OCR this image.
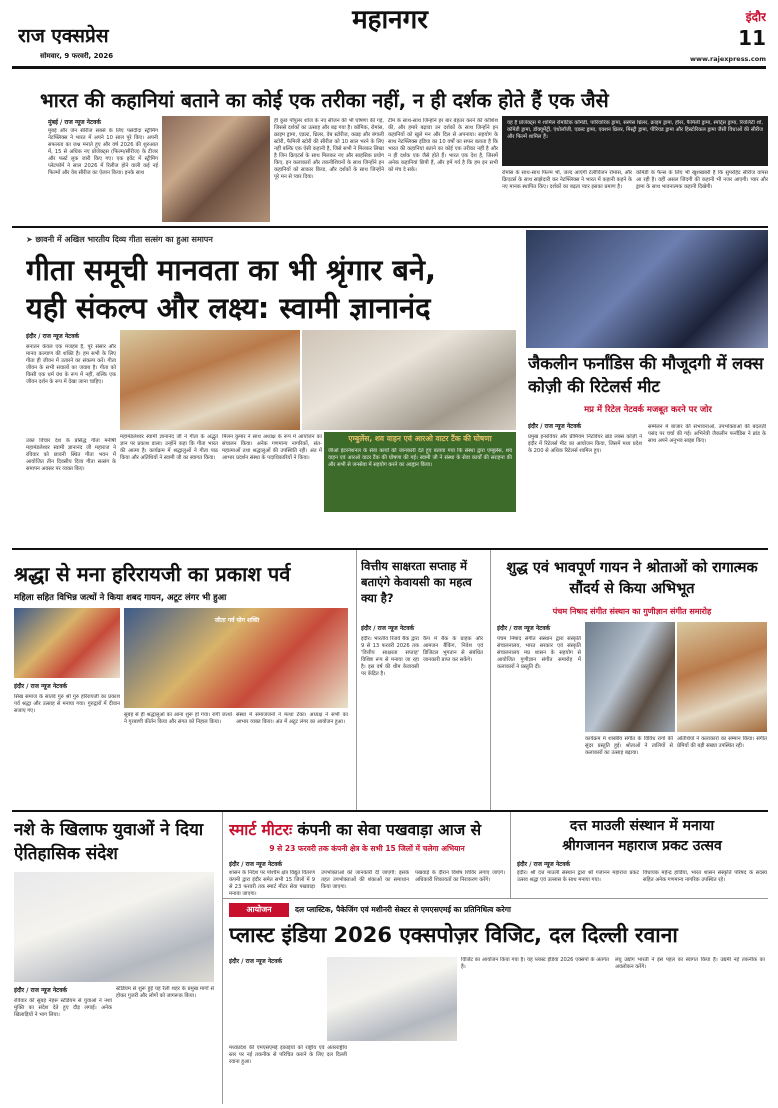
राज एक्सप्रेस
सोमवार, 9 फरवरी, 2026
महानगर	इंदौर
11
www.rajexpress.com
भारत की कहानियां बताने का कोई एक तरीका नहीं, न ही दर्शक होते हैं एक जैसे
मुंबई / राज न्यूज नेटवर्क
मुंबई और जेन सीरीज सबसे के लिए पसंदीदा स्ट्रीमिंग नेटफ्लिक्स ने भारत में अपने 10 साल पूरे किए। अपनी सफलता का जश्न मनाते हुए और वर्ष 2026 की शुरुआत में, 15 से अधिक नए प्रोजेक्ट्स (फिल्म/सीरीज) के टीजर और फर्स्ट लुक जारी किए गए। एक इवेंट में स्ट्रीमिंग प्लेटफॉर्म ने साल 2026 में रिलीज होने वाली कई नई फिल्मों और वेब सीरीज का ऐलान किया। इनके साथ
ही कुछ पॉपुलर शोज के नए सीजन की भी घोषणा की गई, जिससे दर्शकों का उत्साह और बढ़ गया है। कॉमिक, रोमांस, क्राइम ड्रामा, एडल्ट, थ्रिलर, वेब स्टोरीज, कन्नड़ और बंगाली स्टोरी, फैमिली स्टोरी की सीरीज को 10 साल भरने के लिए नहीं बल्कि एक ऐसी कहानी है, जिसे सभी ने मिलकर लिखा है जिन क्रिएटर्स के साथ मिलकर नए और साहसिक प्रयोग किए, इन कलाकारों और तकनीशियनों के साथ जिन्होंने इन कहानियों को साकार किया, और दर्शकों के साथ जिन्होंने पूरे मन से प्यार दिया।
टीम के साथ-साथ जिन्होंने हर बार बेहतर करने की कोशिश की, और हमारे बढ़ावा उन दर्शकों के साथ जिन्होंने इन कहानियों को खुले मन और दिल से अपनाया। सहयोग के साथ नेटफ्लिक्स इंडिया का 10 वर्षों का सफर बताता है कि भारत की कहानियां बताने का कोई एक तरीका नहीं है और न ही दर्शक एक जैसे होते हैं। भारत एक देश है, जिसमें अनेक कहानियां छिपी हैं, और हमें गर्व है कि हम इन सभी को मंच दे सके।
यह है प्रोजेक्ट्स में शामिल रोमांटिक कॉमेडी, पारिवारिक ड्रामा, सस्पेंस थ्रिलर, क्राइम ड्रामा, हॉरर, फैमिली ड्रामा, स्पोर्ट्स ड्रामा, रियलिटी शो, कॉमेडी ड्रामा, डॉक्यूमेंट्री, एंथोलॉजी, एडल्ट ड्रामा, एक्शन थ्रिलर, मिस्ट्री ड्रामा, पीरियड ड्रामा और हिस्टोरिकल ड्रामा जैसी विधाओं की सीरीज और फिल्में शामिल हैं।
रोमांस के साथ-साथ फिल्म भी, जल्द आएंगी टेलीविजन रोमांस, और क्रिएटर्स के साथ साझेदारी कर नेटफ्लिक्स ने भारत में कहानी कहने के नए मानक स्थापित किए। दर्शकों का बढ़ता प्यार इसका प्रमाण है।
कॉमेडी के फैन्स के लिए भी खुशखबरी है कि सुपरहिट सीरीज वापस आ रही है। वहीं असल जिंदगी की कहानी भी नजर आएगी। प्यार और ड्रामा के साथ भावनात्मक कहानी दिखेगी।
➤ छावनी में अखिल भारतीय दिव्य गीता सत्संग का हुआ समापन
गीता समूची मानवता का भी श्रृंगार बने,
यही संकल्प और लक्ष्य: स्वामी ज्ञानानंद
इंदौर / राज न्यूज नेटवर्क
सनातन केवल एक मजहब है, पूरे संसार और मानव कल्याण की शक्ति है। हम सभी के लिए गीता ही जीवन में उतारने का संकल्प करें। गीता जीवन के सभी सवालों का जवाब है। गीता को किसी एक धर्म ग्रंथ के रूप में नहीं, बल्कि एक जीवन दर्शन के रूप में देखा जाना चाहिए।
उक्त विचार देश के प्रसिद्ध गीता मनीषी महामंडलेश्वर स्वामी ज्ञानानंद जी महाराज ने रविवार को छावनी स्थित गीता भवन में आयोजित तीन दिवसीय दिव्य गीता सत्संग के समापन अवसर पर व्यक्त किए।
महामंडलेश्वर स्वामी ज्ञानानंद जी ने गीता के अद्भुत ज्ञान पर प्रकाश डाला। उन्होंने कहा कि गीता भारत की आत्मा है। कार्यक्रम में श्रद्धालुओं ने गीता पाठ किया और अतिथियों ने स्वामी जी का स्वागत किया।
मिलन कुमार ने साथ अध्यक्ष के रूप में आयोजन का संचालन किया। अनेक गणमान्य नागरिकों, संत-महात्माओं तथा श्रद्धालुओं की उपस्थिति रही। अंत में आभार प्रदर्शन संस्था के पदाधिकारियों ने किया।
एम्बुलेंस, शव वाहन एवं आरओ वाटर टैंक की घोषणा
जीओ इंटरनेशनल के सेवा कार्यों की जानकारी देते हुए बताया गया कि संस्था द्वारा एम्बुलेंस, शव वाहन एवं आरओ वाटर टैंक की घोषणा की गई। स्वामी जी ने संस्था के सेवा कार्यों की सराहना की और सभी से जनसेवा में सहयोग करने का आह्वान किया।
जैकलीन फर्नांडिस की मौजूदगी में लक्स कोज़ी की रिटेलर्स मीट
मप्र में रिटेल नेटवर्क मजबूत करने पर जोर
इंदौर / राज न्यूज नेटवर्क
प्रमुख इनरवियर और प्रीमियम निटवियर ब्रांड लक्स कोज़ी ने इंदौर में रिटेलर्स मीट का आयोजन किया, जिसमें मध्य प्रदेश के 200 से अधिक रिटेलर्स शामिल हुए।
सम्मेलन में बाजार की संभावनाओं, उपभोक्ताओं की बदलती पसंद पर चर्चा की गई। अभिनेत्री जैकलीन फर्नांडिस ने ब्रांड के साथ अपने अनुभव साझा किए।
श्रद्धा से मना हरिरायजी का प्रकाश पर्व
महिला सहित विभिन्न जत्थों ने किया शबद गायन, अटूट लंगर भी हुआ
जीता गर्व योग शक्ति
इंदौर / राज न्यूज नेटवर्क
सिख समाज के सातवें गुरु श्री गुरु हरिरायजी का प्रकाश पर्व श्रद्धा और उत्साह से मनाया गया। गुरुद्वारों में दीवान सजाए गए।
सुबह से ही श्रद्धालुओं का आना शुरू हो गया। रागी जत्थों ने गुरबाणी कीर्तन किया और संगत को निहाल किया।
संस्था में समाजजनों ने मत्था टेका। अध्यक्ष ने सभी का आभार व्यक्त किया। अंत में अटूट लंगर का आयोजन हुआ।
वित्तीय साक्षरता सप्ताह में बताएंगे केवायसी का महत्व क्या है?
इंदौर / राज न्यूज नेटवर्क
इंदौर। भारतीय रिजर्व बैंक द्वारा 9 से 13 फरवरी 2026 तक 'वित्तीय साक्षरता सप्ताह' विशिष्ट रूप से मनाया जा रहा है। इस वर्ष की थीम केवायसी पर केंद्रित है।
कैंप में बैंक के ग्राहक और आमजन बैंकिंग, निवेश एवं डिजिटल भुगतान से संबंधित जानकारी प्राप्त कर सकेंगे।
शुद्ध एवं भावपूर्ण गायन ने श्रोताओं को रागात्मक सौंदर्य से किया अभिभूत
पंचम निषाद संगीत संस्थान का गुणीज्ञान संगीत समारोह
इंदौर / राज न्यूज नेटवर्क
पंचम निषाद संगीत संस्थान द्वारा संस्कृति संचालनालय, भारत सरकार एवं संस्कृति संचालनालय मप्र शासन के सहयोग से आयोजित गुणीज्ञान संगीत समारोह में कलाकारों ने प्रस्तुति दी।
कार्यक्रम में शास्त्रीय संगीत के विविध रागों की सुंदर प्रस्तुति हुई। श्रोताओं ने तालियों से कलाकारों का उत्साह बढ़ाया।
अतिथियों ने कलाकारों का सम्मान किया। संगीत प्रेमियों की बड़ी संख्या उपस्थित रही।
नशे के खिलाफ युवाओं ने दिया ऐतिहासिक संदेश
इंदौर / राज न्यूज नेटवर्क
रविवार की सुबह नेहरू स्टेडियम से युवाओं ने नशा मुक्ति का संदेश देते हुए दौड़ लगाई। अनेक खिलाड़ियों ने भाग लिया।
स्टेडियम से शुरू हुई यह रैली शहर के प्रमुख मार्गों से होकर गुजरी और लोगों को जागरूक किया।
स्मार्ट मीटरः कंपनी का सेवा पखवाड़ा आज से
9 से 23 फरवरी तक कंपनी क्षेत्र के सभी 15 जिलों में चलेगा अभियान
इंदौर / राज न्यूज नेटवर्क
शासन के निर्देश पर पश्चिम क्षेत्र विद्युत वितरण कंपनी द्वारा इंदौर समेत सभी 15 जिलों में 9 से 23 फरवरी तक स्मार्ट मीटर सेवा पखवाड़ा मनाया जाएगा।
उपभोक्ताओं को जानकारी दी जाएगी: इसके तहत उपभोक्ताओं की शंकाओं का समाधान किया जाएगा।
पखवाड़े के दौरान विशेष शिविर लगाए जाएंगे। अधिकारी शिकायतों का निराकरण करेंगे।
दत्त माउली संस्थान में मनाया
श्रीगजानन महाराज प्रकट उत्सव
इंदौर / राज न्यूज नेटवर्क
इंदौर। श्री दत्त माउली संस्थान द्वारा श्री गजानन महाराज प्रकट उत्सव श्रद्धा एवं उल्लास के साथ मनाया गया।
विधायक महेन्द्र हार्डिया, भारत शासन संस्कृति परिषद के सदस्य सहित अनेक गणमान्य नागरिक उपस्थित रहे।
आयोजन	दल प्लास्टिक, पैकेजिंग एवं मशीनरी सेक्टर से एमएसएमई का प्रतिनिधित्व करेगा
प्लास्ट इंडिया 2026 एक्सपोज़र विजिट, दल दिल्ली रवाना
इंदौर / राज न्यूज नेटवर्क
मध्यप्रदेश की एमएसएमई इकाइयों को राष्ट्रीय एवं अंतरराष्ट्रीय स्तर पर नई तकनीक से परिचित कराने के लिए दल दिल्ली रवाना हुआ।
विजिट का आयोजन किया गया है। यह प्लास्ट इंडिया 2026 एक्सपो के अंतर्गत है।
लघु उद्योग भारती ने इस पहल का स्वागत किया है। उद्यमी नई तकनीक का अवलोकन करेंगे।
